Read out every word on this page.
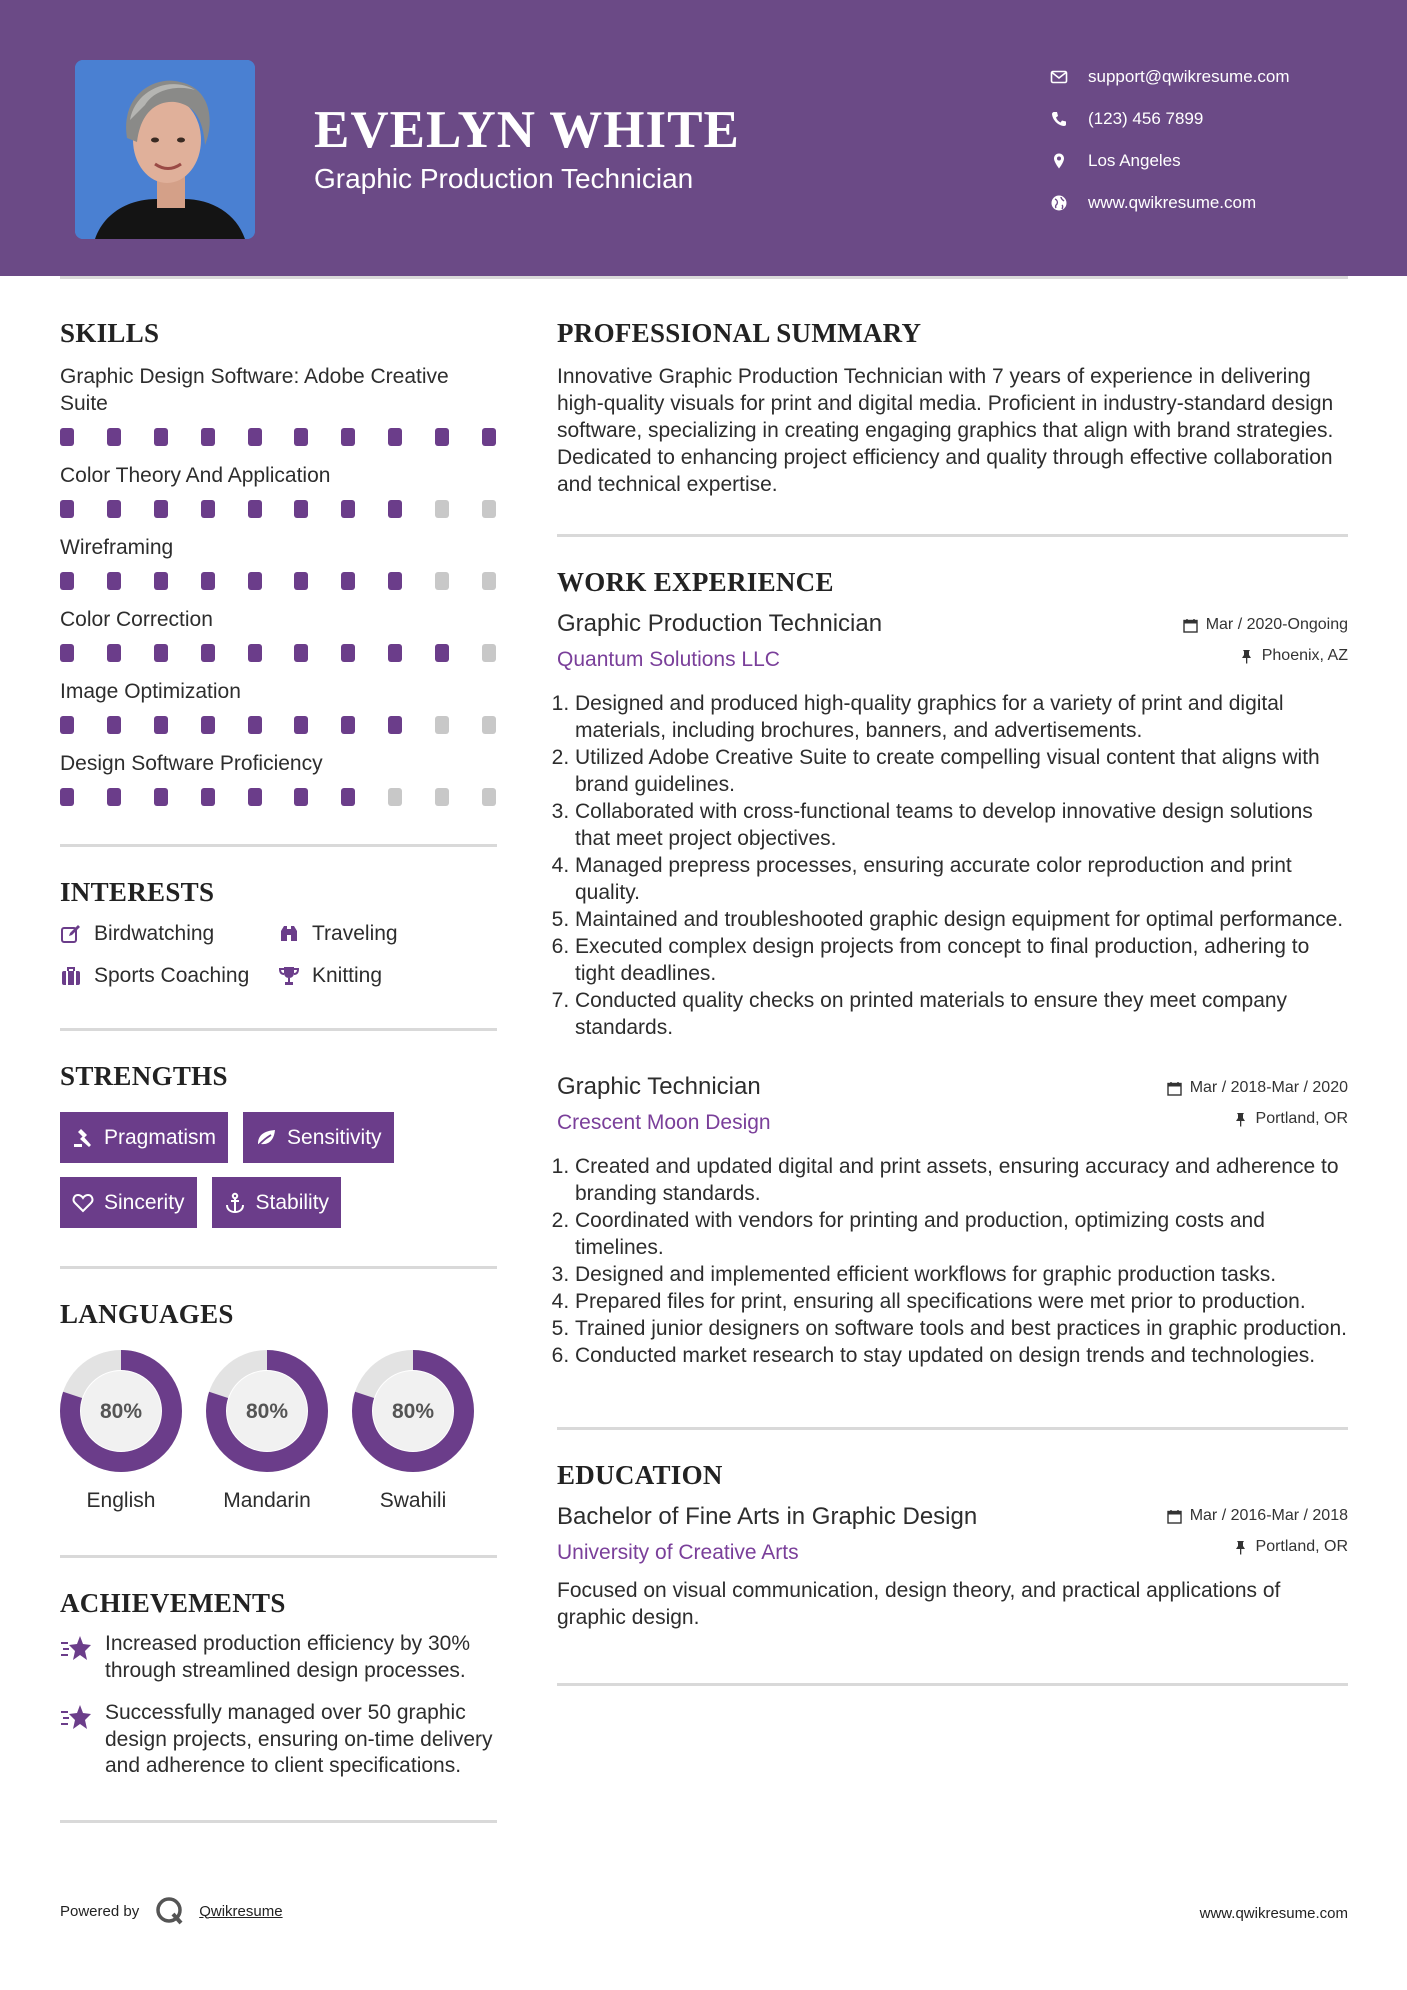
EVELYN WHITE
Graphic Production Technician
support@qwikresume.com
(123) 456 7899
Los Angeles
www.qwikresume.com
SKILLS
Graphic Design Software: Adobe Creative Suite
Color Theory And Application
Wireframing
Color Correction
Image Optimization
Design Software Proficiency
INTERESTS
Birdwatching	Traveling
Sports Coaching	Knitting
STRENGTHS
Pragmatism	Sensitivity
Sincerity	Stability
LANGUAGES
80%
English
80%
Mandarin
80%
Swahili
ACHIEVEMENTS
Increased production efficiency by 30% through streamlined design processes.
Successfully managed over 50 graphic design projects, ensuring on-time delivery and adherence to client specifications.
PROFESSIONAL SUMMARY

Innovative Graphic Production Technician with 7 years of experience in delivering high-quality visuals for print and digital media. Proficient in industry-standard design software, specializing in creating engaging graphics that align with brand strategies. Dedicated to enhancing project efficiency and quality through effective collaboration and technical expertise.

WORK EXPERIENCE
Graphic Production Technician
Quantum Solutions LLC
Mar / 2020-Ongoing
Phoenix, AZ
1. Designed and produced high-quality graphics for a variety of print and digital materials, including brochures, banners, and advertisements.
2. Utilized Adobe Creative Suite to create compelling visual content that aligns with brand guidelines.
3. Collaborated with cross-functional teams to develop innovative design solutions that meet project objectives.
4. Managed prepress processes, ensuring accurate color reproduction and print quality.
5. Maintained and troubleshooted graphic design equipment for optimal performance.
6. Executed complex design projects from concept to final production, adhering to tight deadlines.
7. Conducted quality checks on printed materials to ensure they meet company standards.
Graphic Technician
Crescent Moon Design
Mar / 2018-Mar / 2020
Portland, OR
1. Created and updated digital and print assets, ensuring accuracy and adherence to branding standards.
2. Coordinated with vendors for printing and production, optimizing costs and timelines.
3. Designed and implemented efficient workflows for graphic production tasks.
4. Prepared files for print, ensuring all specifications were met prior to production.
5. Trained junior designers on software tools and best practices in graphic production.
6. Conducted market research to stay updated on design trends and technologies.
EDUCATION
Bachelor of Fine Arts in Graphic Design
University of Creative Arts
Mar / 2016-Mar / 2018
Portland, OR

Focused on visual communication, design theory, and practical applications of graphic design.

Powered by	Qwikresume	www.qwikresume.com
